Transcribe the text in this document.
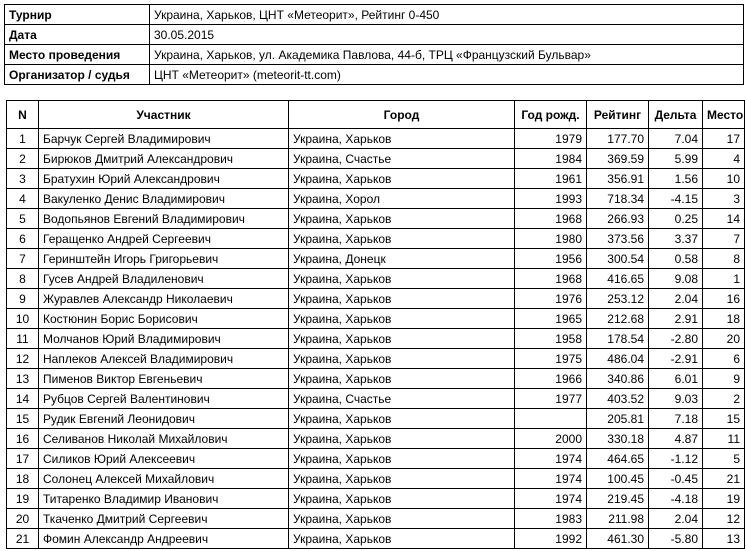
Турнир	Украина, Харьков, ЦНТ «Метеорит», Рейтинг 0-450
Дата	30.05.2015
Место проведения	Украина, Харьков, ул. Академика Павлова, 44-б, ТРЦ «Французский Бульвар»
Организатор / судья	ЦНТ «Метеорит» (meteorit-tt.com)
N	Участник	Город	Год рожд.	Рейтинг	Дельта	Место
1	Барчук Сергей Владимирович	Украина, Харьков	1979	177.70	7.04	17
2	Бирюков Дмитрий Александрович	Украина, Счастье	1984	369.59	5.99	4
3	Братухин Юрий Александрович	Украина, Харьков	1961	356.91	1.56	10
4	Вакуленко Денис Владимирович	Украина, Хорол	1993	718.34	-4.15	3
5	Водопьянов Евгений Владимирович	Украина, Харьков	1968	266.93	0.25	14
6	Геращенко Андрей Сергеевич	Украина, Харьков	1980	373.56	3.37	7
7	Геринштейн Игорь Григорьевич	Украина, Донецк	1956	300.54	0.58	8
8	Гусев Андрей Владиленович	Украина, Харьков	1968	416.65	9.08	1
9	Журавлев Александр Николаевич	Украина, Харьков	1976	253.12	2.04	16
10	Костюнин Борис Борисович	Украина, Харьков	1965	212.68	2.91	18
11	Молчанов Юрий Владимирович	Украина, Харьков	1958	178.54	-2.80	20
12	Наплеков Алексей Владимирович	Украина, Харьков	1975	486.04	-2.91	6
13	Пименов Виктор Евгеньевич	Украина, Харьков	1966	340.86	6.01	9
14	Рубцов Сергей Валентинович	Украина, Счастье	1977	403.52	9.03	2
15	Рудик Евгений Леонидович	Украина, Харьков		205.81	7.18	15
16	Селиванов Николай Михайлович	Украина, Харьков	2000	330.18	4.87	11
17	Силиков Юрий Алексеевич	Украина, Харьков	1974	464.65	-1.12	5
18	Солонец Алексей Михайлович	Украина, Харьков	1974	100.45	-0.45	21
19	Титаренко Владимир Иванович	Украина, Харьков	1974	219.45	-4.18	19
20	Ткаченко Дмитрий Сергеевич	Украина, Харьков	1983	211.98	2.04	12
21	Фомин Александр Андреевич	Украина, Харьков	1992	461.30	-5.80	13
